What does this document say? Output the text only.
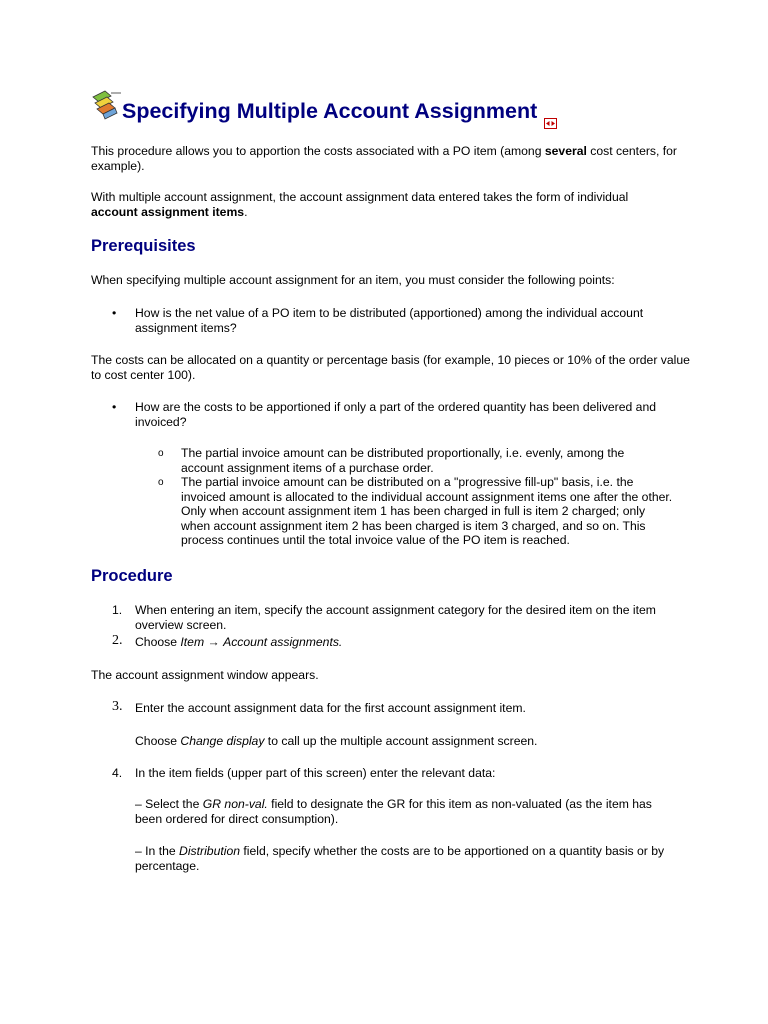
Specifying Multiple Account Assignment

This procedure allows you to apportion the costs associated with a PO item (among several cost centers, for example).

With multiple account assignment, the account assignment data entered takes the form of individual account assignment items.

Prerequisites

When specifying multiple account assignment for an item, you must consider the following points:

• How is the net value of a PO item to be distributed (apportioned) among the individual account assignment items?

The costs can be allocated on a quantity or percentage basis (for example, 10 pieces or 10% of the order value to cost center 100).

• How are the costs to be apportioned if only a part of the ordered quantity has been delivered and invoiced?

o The partial invoice amount can be distributed proportionally, i.e. evenly, among the account assignment items of a purchase order.

o The partial invoice amount can be distributed on a "progressive fill-up" basis, i.e. the invoiced amount is allocated to the individual account assignment items one after the other. Only when account assignment item 1 has been charged in full is item 2 charged; only when account assignment item 2 has been charged is item 3 charged, and so on. This process continues until the total invoice value of the PO item is reached.

Procedure
1.	When entering an item, specify the account assignment category for the desired item on the item overview screen.

2. Choose Item → Account assignments.

The account assignment window appears.

3. Enter the account assignment data for the first account assignment item.

Choose Change display to call up the multiple account assignment screen.

4.	In the item fields (upper part of this screen) enter the relevant data:

– Select the GR non-val. field to designate the GR for this item as non-valuated (as the item has been ordered for direct consumption).

– In the Distribution field, specify whether the costs are to be apportioned on a quantity basis or by percentage.
